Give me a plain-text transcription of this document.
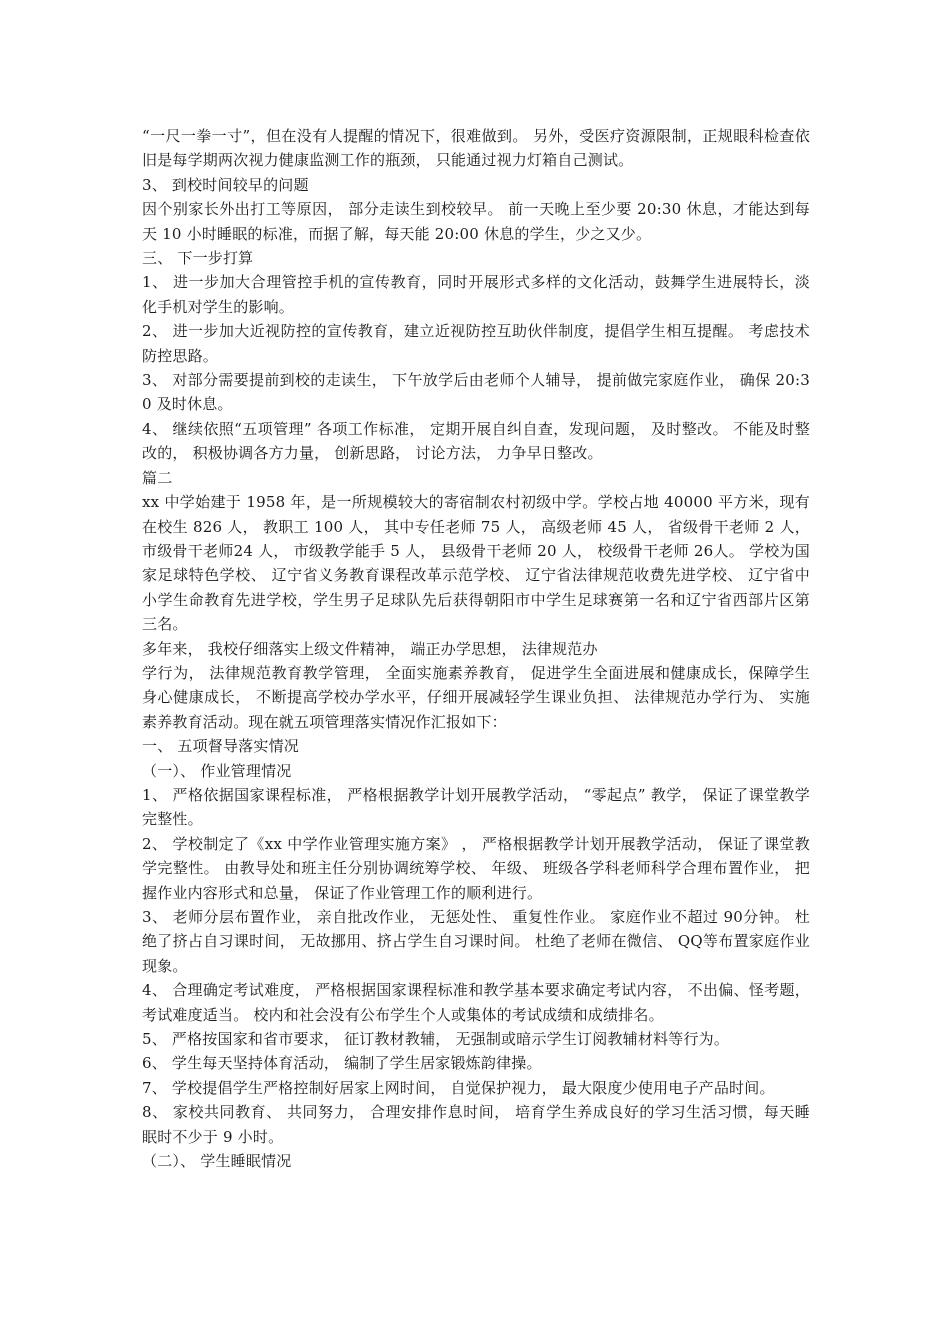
“一尺一拳一寸”，但在没有人提醒的情况下，很难做到。 另外，受医疗资源限制，正规眼科检查依旧是每学期两次视力健康监测工作的瓶颈， 只能通过视力灯箱自己测试。

3、 到校时间较早的问题

因个别家长外出打工等原因， 部分走读生到校较早。 前一天晚上至少要 20:30 休息，才能达到每天 10 小时睡眠的标准，而据了解，每天能 20:00 休息的学生，少之又少。

三、 下一步打算

1、 进一步加大合理管控手机的宣传教育，同时开展形式多样的文化活动，鼓舞学生进展特长，淡化手机对学生的影响。

2、 进一步加大近视防控的宣传教育，建立近视防控互助伙伴制度，提倡学生相互提醒。 考虑技术防控思路。

3、 对部分需要提前到校的走读生， 下午放学后由老师个人辅导， 提前做完家庭作业， 确保 20:30 及时休息。

4、 继续依照“五项管理” 各项工作标准， 定期开展自纠自查，发现问题， 及时整改。 不能及时整改的， 积极协调各方力量， 创新思路， 讨论方法， 力争早日整改。

篇二

xx 中学始建于 1958 年，是一所规模较大的寄宿制农村初级中学。学校占地 40000 平方米，现有在校生 826 人， 教职工 100 人， 其中专任老师 75 人， 高级老师 45 人， 省级骨干老师 2 人， 市级骨干老师24 人， 市级教学能手 5 人， 县级骨干老师 20 人， 校级骨干老师 26人。 学校为国家足球特色学校、 辽宁省义务教育课程改革示范学校、 辽宁省法律规范收费先进学校、 辽宁省中小学生命教育先进学校，学生男子足球队先后获得朝阳市中学生足球赛第一名和辽宁省西部片区第三名。

多年来， 我校仔细落实上级文件精神， 端正办学思想， 法律规范办

学行为， 法律规范教育教学管理， 全面实施素养教育， 促进学生全面进展和健康成长，保障学生身心健康成长， 不断提高学校办学水平，仔细开展减轻学生课业负担、 法律规范办学行为、 实施素养教育活动。现在就五项管理落实情况作汇报如下：

一、 五项督导落实情况

（一）、 作业管理情况

1、 严格依据国家课程标准， 严格根据教学计划开展教学活动， “零起点” 教学， 保证了课堂教学完整性。

2、 学校制定了《xx 中学作业管理实施方案》 ， 严格根据教学计划开展教学活动， 保证了课堂教学完整性。 由教导处和班主任分别协调统筹学校、 年级、 班级各学科老师科学合理布置作业， 把握作业内容形式和总量， 保证了作业管理工作的顺利进行。

3、 老师分层布置作业， 亲自批改作业， 无惩处性、 重复性作业。 家庭作业不超过 90分钟。 杜绝了挤占自习课时间， 无故挪用、挤占学生自习课时间。 杜绝了老师在微信、 QQ等布置家庭作业现象。

4、 合理确定考试难度， 严格根据国家课程标准和教学基本要求确定考试内容， 不出偏、怪考题， 考试难度适当。 校内和社会没有公布学生个人或集体的考试成绩和成绩排名。

5、 严格按国家和省市要求， 征订教材教辅， 无强制或暗示学生订阅教辅材料等行为。

6、 学生每天坚持体育活动， 编制了学生居家锻炼韵律操。

7、 学校提倡学生严格控制好居家上网时间， 自觉保护视力， 最大限度少使用电子产品时间。

8、 家校共同教育、 共同努力， 合理安排作息时间， 培育学生养成良好的学习生活习惯，每天睡眠时不少于 9 小时。

（二）、 学生睡眠情况
